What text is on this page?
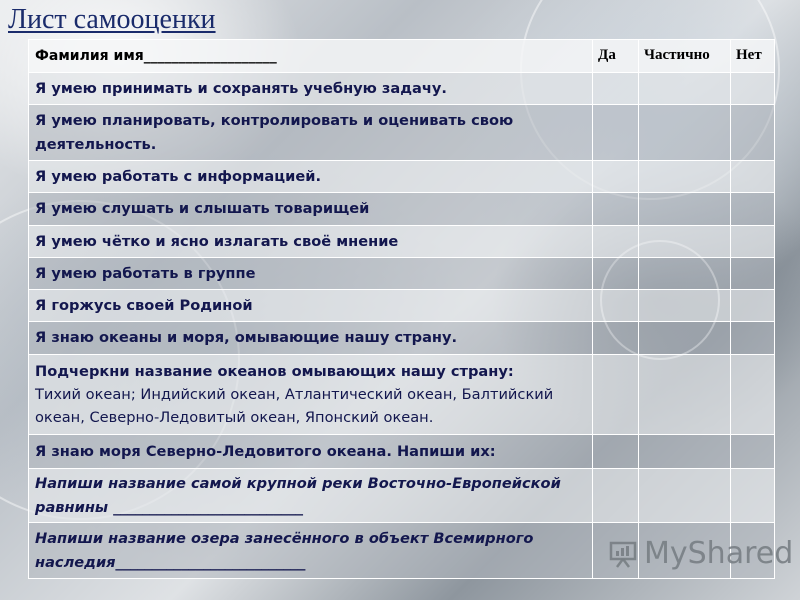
Лист самооценки
Фамилия имя___________________	Да	Частично	Нет
Я умею принимать и сохранять учебную задачу.			
Я умею планировать, контролировать и оценивать свою деятельность.			
Я умею работать с информацией.			
Я умею слушать и слышать товарищей			
Я умею чётко и ясно излагать своё мнение			
Я умею работать в группе			
Я горжусь своей Родиной			
Я знаю океаны и моря, омывающие нашу страну.			
Подчеркни название океанов омывающих нашу страну:
Тихий океан; Индийский океан, Атлантический океан, Балтийский океан, Северно-Ледовитый океан, Японский океан.			

Я знаю моря Северно-Ледовитого океана. Напиши их:			
Напиши название самой крупной реки Восточно-Европейской равнины __________________________			
Напиши название озера занесённого в объект Всемирного наследия__________________________				MyShared
